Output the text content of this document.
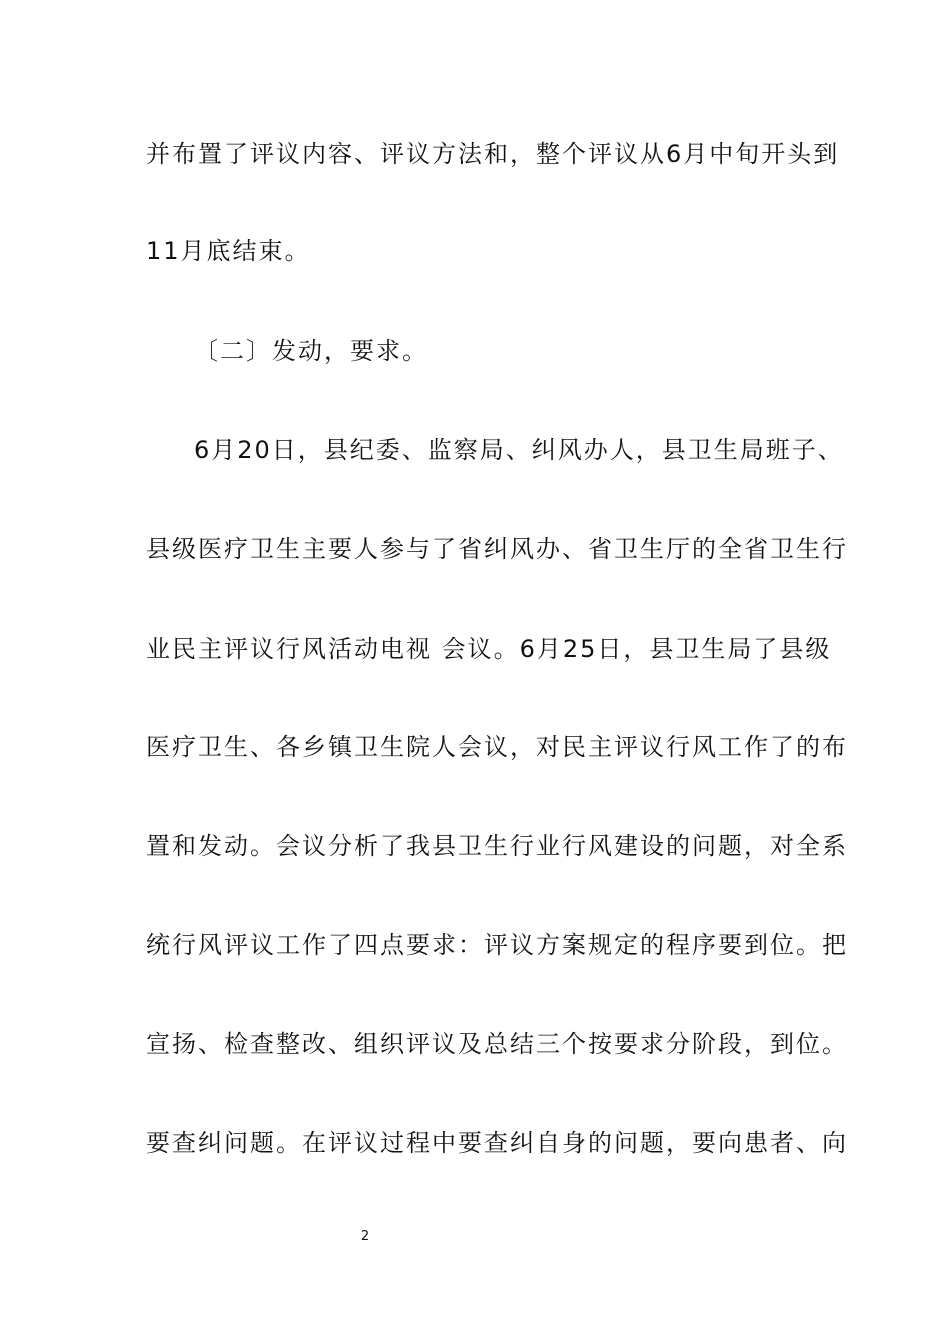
并布置了评议内容、评议方法和，整个评议从6月中旬开头到
11月底结束。
〔二〕发动，要求。
6月20日，县纪委、监察局、纠风办人，县卫生局班子、
县级医疗卫生主要人参与了省纠风办、省卫生厅的全省卫生行
业民主评议行风活动电视 会议。6月25日，县卫生局了县级
医疗卫生、各乡镇卫生院人会议，对民主评议行风工作了的布
置和发动。会议分析了我县卫生行业行风建设的问题，对全系
统行风评议工作了四点要求：评议方案规定的程序要到位。把
宣扬、检查整改、组织评议及总结三个按要求分阶段，到位。
要查纠问题。在评议过程中要查纠自身的问题，要向患者、向
2
